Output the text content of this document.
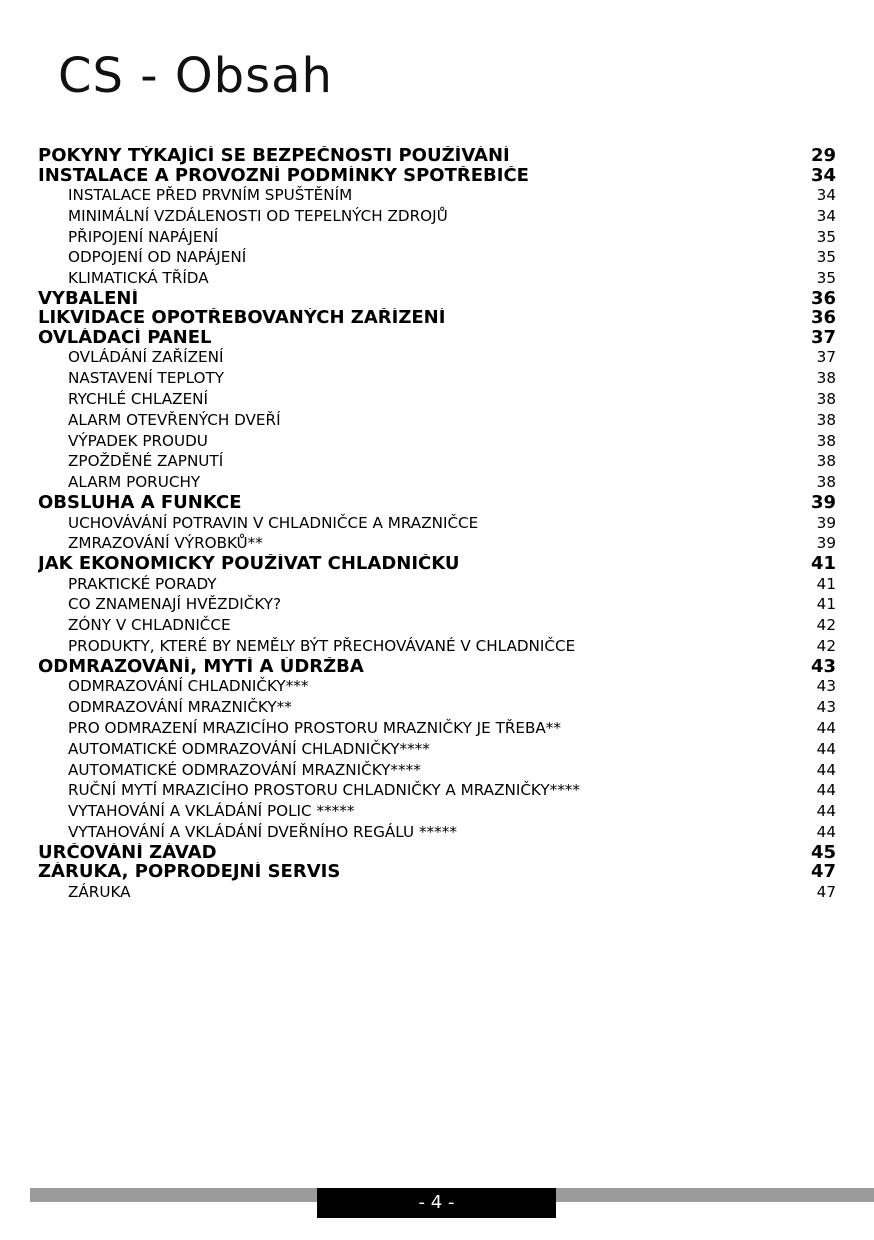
CS - Obsah
POKYNY TÝKAJÍCÍ SE BEZPEČNOSTI POUŽÍVÁNÍ	29
INSTALACE A PROVOZNÍ PODMÍNKY SPOTŘEBIČE	34
INSTALACE PŘED PRVNÍM SPUŠTĚNÍM	34
MINIMÁLNÍ VZDÁLENOSTI OD TEPELNÝCH ZDROJŮ	34
PŘIPOJENÍ NAPÁJENÍ	35
ODPOJENÍ OD NAPÁJENÍ	35
KLIMATICKÁ TŘÍDA	35
VYBALENÍ	36
LIKVIDACE OPOTŘEBOVANÝCH ZAŘÍZENÍ	36
OVLÁDACÍ PANEL	37
OVLÁDÁNÍ ZAŘÍZENÍ	37
NASTAVENÍ TEPLOTY	38
RYCHLÉ CHLAZENÍ	38
ALARM OTEVŘENÝCH DVEŘÍ	38
VÝPADEK PROUDU	38
ZPOŽDĚNÉ ZAPNUTÍ	38
ALARM PORUCHY	38
OBSLUHA A FUNKCE	39
UCHOVÁVÁNÍ POTRAVIN V CHLADNIČCE A MRAZNIČCE	39
ZMRAZOVÁNÍ VÝROBKŮ**	39
JAK EKONOMICKY POUŽÍVAT CHLADNIČKU	41
PRAKTICKÉ PORADY	41
CO ZNAMENAJÍ HVĚZDIČKY?	41
ZÓNY V CHLADNIČCE	42
PRODUKTY, KTERÉ BY NEMĚLY BÝT PŘECHOVÁVANÉ V CHLADNIČCE	42
ODMRAZOVÁNÍ, MYTÍ A ÚDRŽBA	43
ODMRAZOVÁNÍ CHLADNIČKY***	43
ODMRAZOVÁNÍ MRAZNIČKY**	43
PRO ODMRAZENÍ MRAZICÍHO PROSTORU MRAZNIČKY JE TŘEBA**	44
AUTOMATICKÉ ODMRAZOVÁNÍ CHLADNIČKY****	44
AUTOMATICKÉ ODMRAZOVÁNÍ MRAZNIČKY****	44
RUČNÍ MYTÍ MRAZICÍHO PROSTORU CHLADNIČKY A MRAZNIČKY****	44
VYTAHOVÁNÍ A VKLÁDÁNÍ POLIC *****	44
VYTAHOVÁNÍ A VKLÁDÁNÍ DVEŘNÍHO REGÁLU *****	44
URČOVÁNÍ ZÁVAD	45
ZÁRUKA, POPRODEJNÍ SERVIS	47
ZÁRUKA	47
- 4 -
